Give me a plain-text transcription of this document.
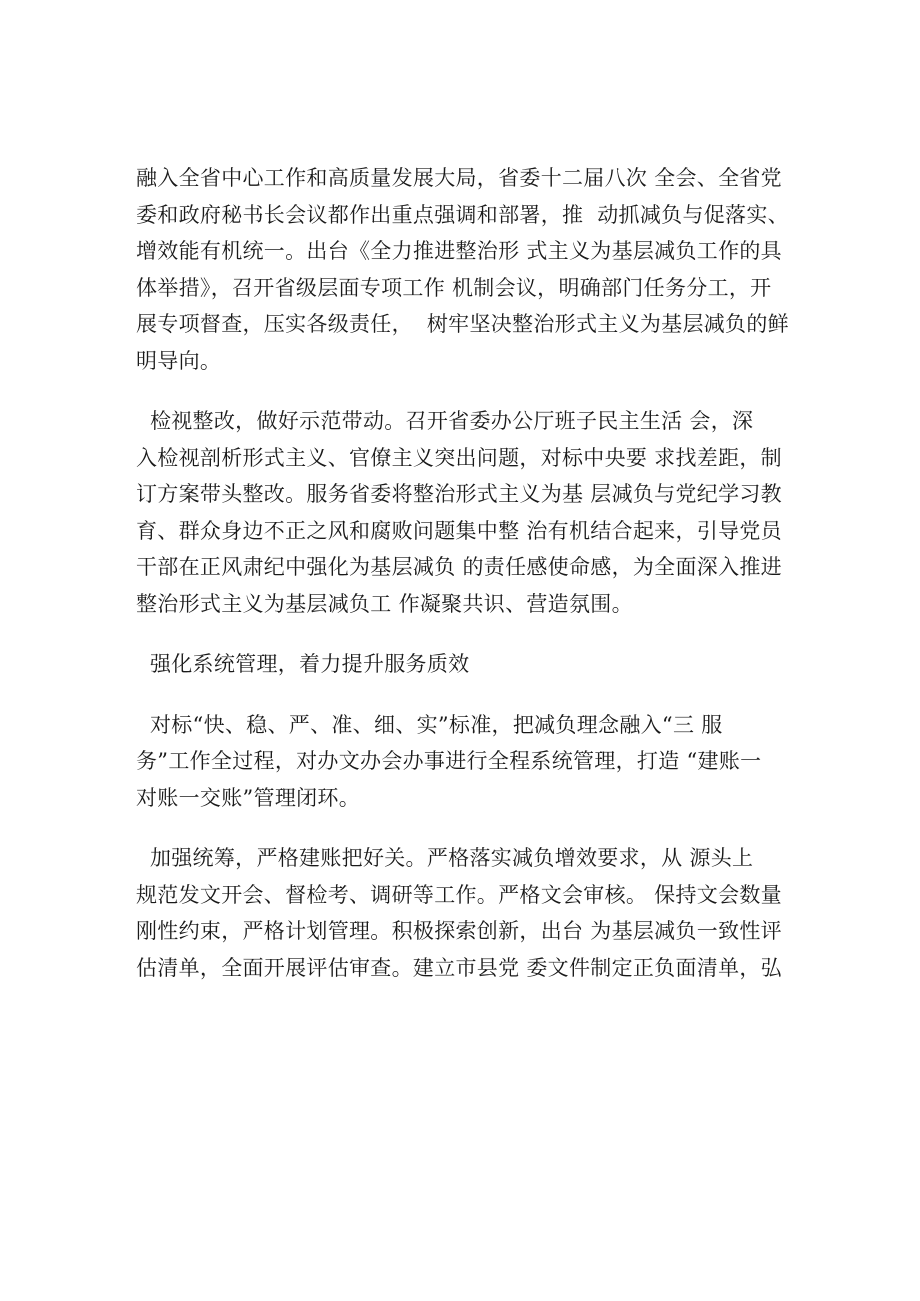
融入全省中心工作和高质量发展大局，省委十二届八次 全会、全省党
委和政府秘书长会议都作出重点强调和部署，推  动抓减负与促落实、
增效能有机统一。出台《全力推进整治形 式主义为基层减负工作的具
体举措》，召开省级层面专项工作 机制会议，明确部门任务分工，开
展专项督查，压实各级责任，  树牢坚决整治形式主义为基层减负的鲜
明导向。
检视整改，做好示范带动。召开省委办公厅班子民主生活 会，深
入检视剖析形式主义、官僚主义突出问题，对标中央要 求找差距，制
订方案带头整改。服务省委将整治形式主义为基 层减负与党纪学习教
育、群众身边不正之风和腐败问题集中整 治有机结合起来，引导党员
干部在正风肃纪中强化为基层减负 的责任感使命感，为全面深入推进
整治形式主义为基层减负工 作凝聚共识、营造氛围。
强化系统管理，着力提升服务质效
对标“快、稳、严、准、细、实”标准，把减负理念融入“三 服
务”工作全过程，对办文办会办事进行全程系统管理，打造 “建账一
对账一交账”管理闭环。
加强统筹，严格建账把好关。严格落实减负增效要求，从 源头上
规范发文开会、督检考、调研等工作。严格文会审核。 保持文会数量
刚性约束，严格计划管理。积极探索创新，出台 为基层减负一致性评
估清单，全面开展评估审查。建立市县党 委文件制定正负面清单，弘
